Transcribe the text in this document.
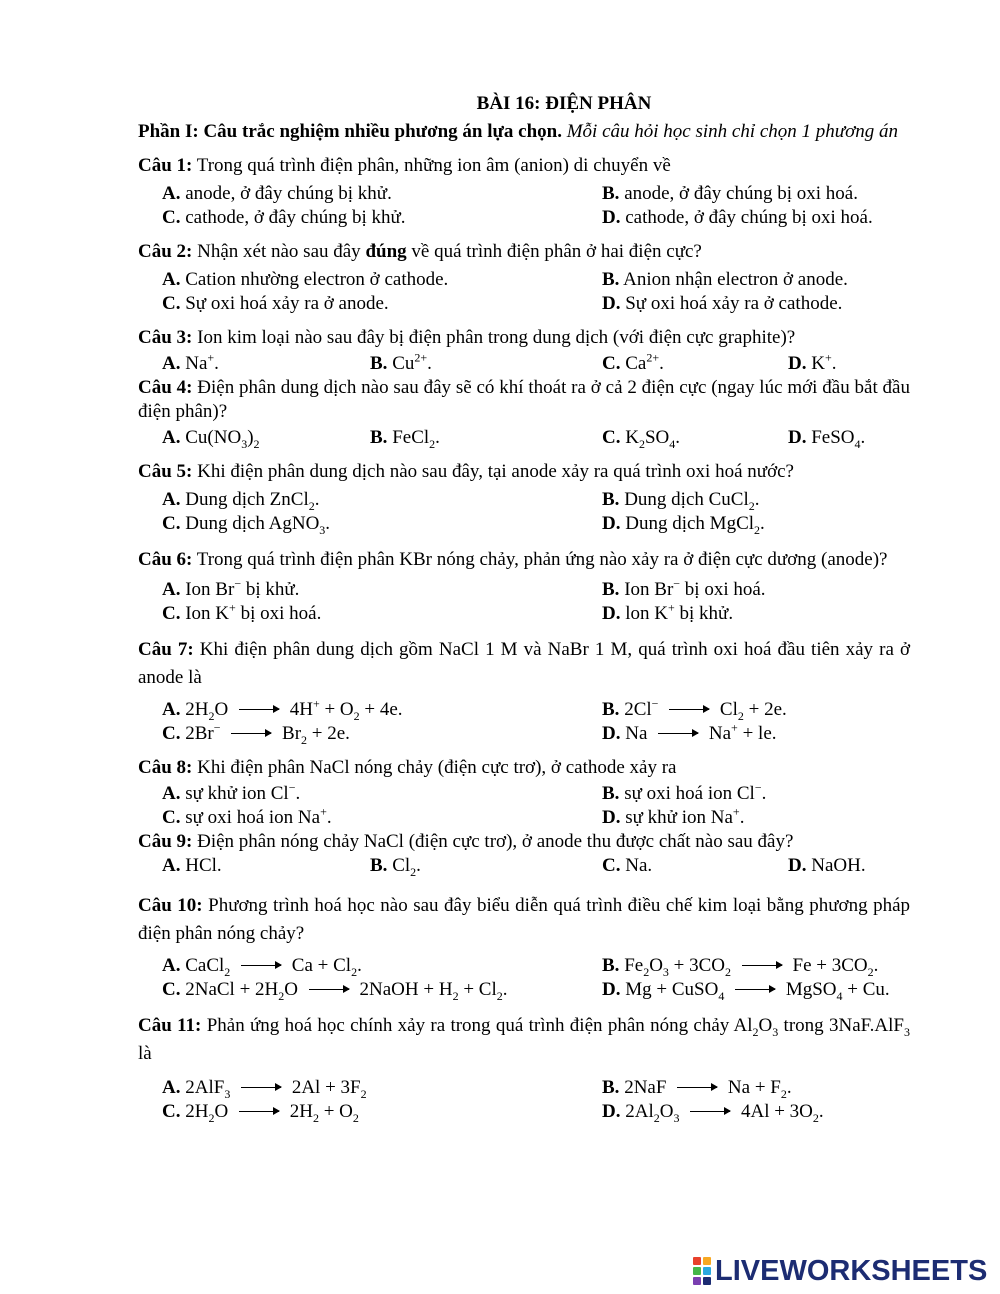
BÀI 16: ĐIỆN PHÂN
Phần I: Câu trắc nghiệm nhiều phương án lựa chọn. Mỗi câu hỏi học sinh chỉ chọn 1 phương án
Câu 1: Trong quá trình điện phân, những ion âm (anion) di chuyển về
A. anode, ở đây chúng bị khử.	B. anode, ở đây chúng bị oxi hoá.
C. cathode, ở đây chúng bị khử.	D. cathode, ở đây chúng bị oxi hoá.
Câu 2: Nhận xét nào sau đây đúng về quá trình điện phân ở hai điện cực?
A. Cation nhường electron ở cathode.	B. Anion nhận electron ở anode.
C. Sự oxi hoá xảy ra ở anode.	D. Sự oxi hoá xảy ra ở cathode.
Câu 3: Ion kim loại nào sau đây bị điện phân trong dung dịch (với điện cực graphite)?
A. Na+.	B. $Cu^{2+}$.	C. $Ca^{2+}$.	D. K+.
Câu 4: Điện phân dung dịch nào sau đây sẽ có khí thoát ra ở cả 2 điện cực (ngay lúc mới đầu bắt đầu điện phân)?
A. $Cu(NO_3)_2$	B. FeCl$_2$.	C. $K_2SO_4$.	D. FeSO$_4$.
Câu 5: Khi điện phân dung dịch nào sau đây, tại anode xảy ra quá trình oxi hoá nước?
A. Dung dịch ZnCl$_2$.	B. Dung dịch CuCl$_2$.
C. Dung dịch AgNO$_3$.	D. Dung dịch MgCl$_2$.
Câu 6: Trong quá trình điện phân KBr nóng chảy, phản ứng nào xảy ra ở điện cực dương (anode)?
A. Ion Br− bị khử.	B. Ion Br− bị oxi hoá.
C. Ion K+ bị oxi hoá.	D. lon K+ bị khử.
Câu 7: Khi điện phân dung dịch gồm NaCl 1 M và NaBr 1 M, quá trình oxi hoá đầu tiên xảy ra ở anode là
A. $2H_2O$	$4H^+ + O_2 + 4e$.	B. 2Cl−	$Cl_2 + 2e$.
C. 2Br−	$Br_2 + 2e$.	D. Na	Na+ + le.
Câu 8: Khi điện phân NaCl nóng chảy (điện cực trơ), ở cathode xảy ra
A. sự khử ion Cl−.	B. sự oxi hoá ion Cl−.
C. sự oxi hoá ion Na+.	D. sự khử ion Na+.
Câu 9: Điện phân nóng chảy NaCl (điện cực trơ), ở anode thu được chất nào sau đây?
A. HCl.	B. $Cl_2$.	C. Na.	D. NaOH.
Câu 10: Phương trình hoá học nào sau đây biểu diễn quá trình điều chế kim loại bằng phương pháp điện phân nóng chảy?
A. CaCl$_2$	$Ca + Cl_2$.	B. $Fe_2O_3 + 3CO_2$	$Fe + 3CO_2$.
C. 2NaCl + $2H_2O$	2NaOH + $H_2 + Cl_2$.	D. Mg + CuSO$_4$	MgSO$_4$ + Cu.
Câu 11: Phản ứng hoá học chính xảy ra trong quá trình điện phân nóng chảy $Al_2O_3$ trong 3NaF.AlF$_3$ là
A. 2AlF$_3$	$2Al + 3F_2$	B. 2NaF	$Na + F_2$.
C. $2H_2O$	$2H_2 + O_2$	D. $2Al_2O_3$	$4Al + 3O_2$.
LIVEWORKSHEETS
